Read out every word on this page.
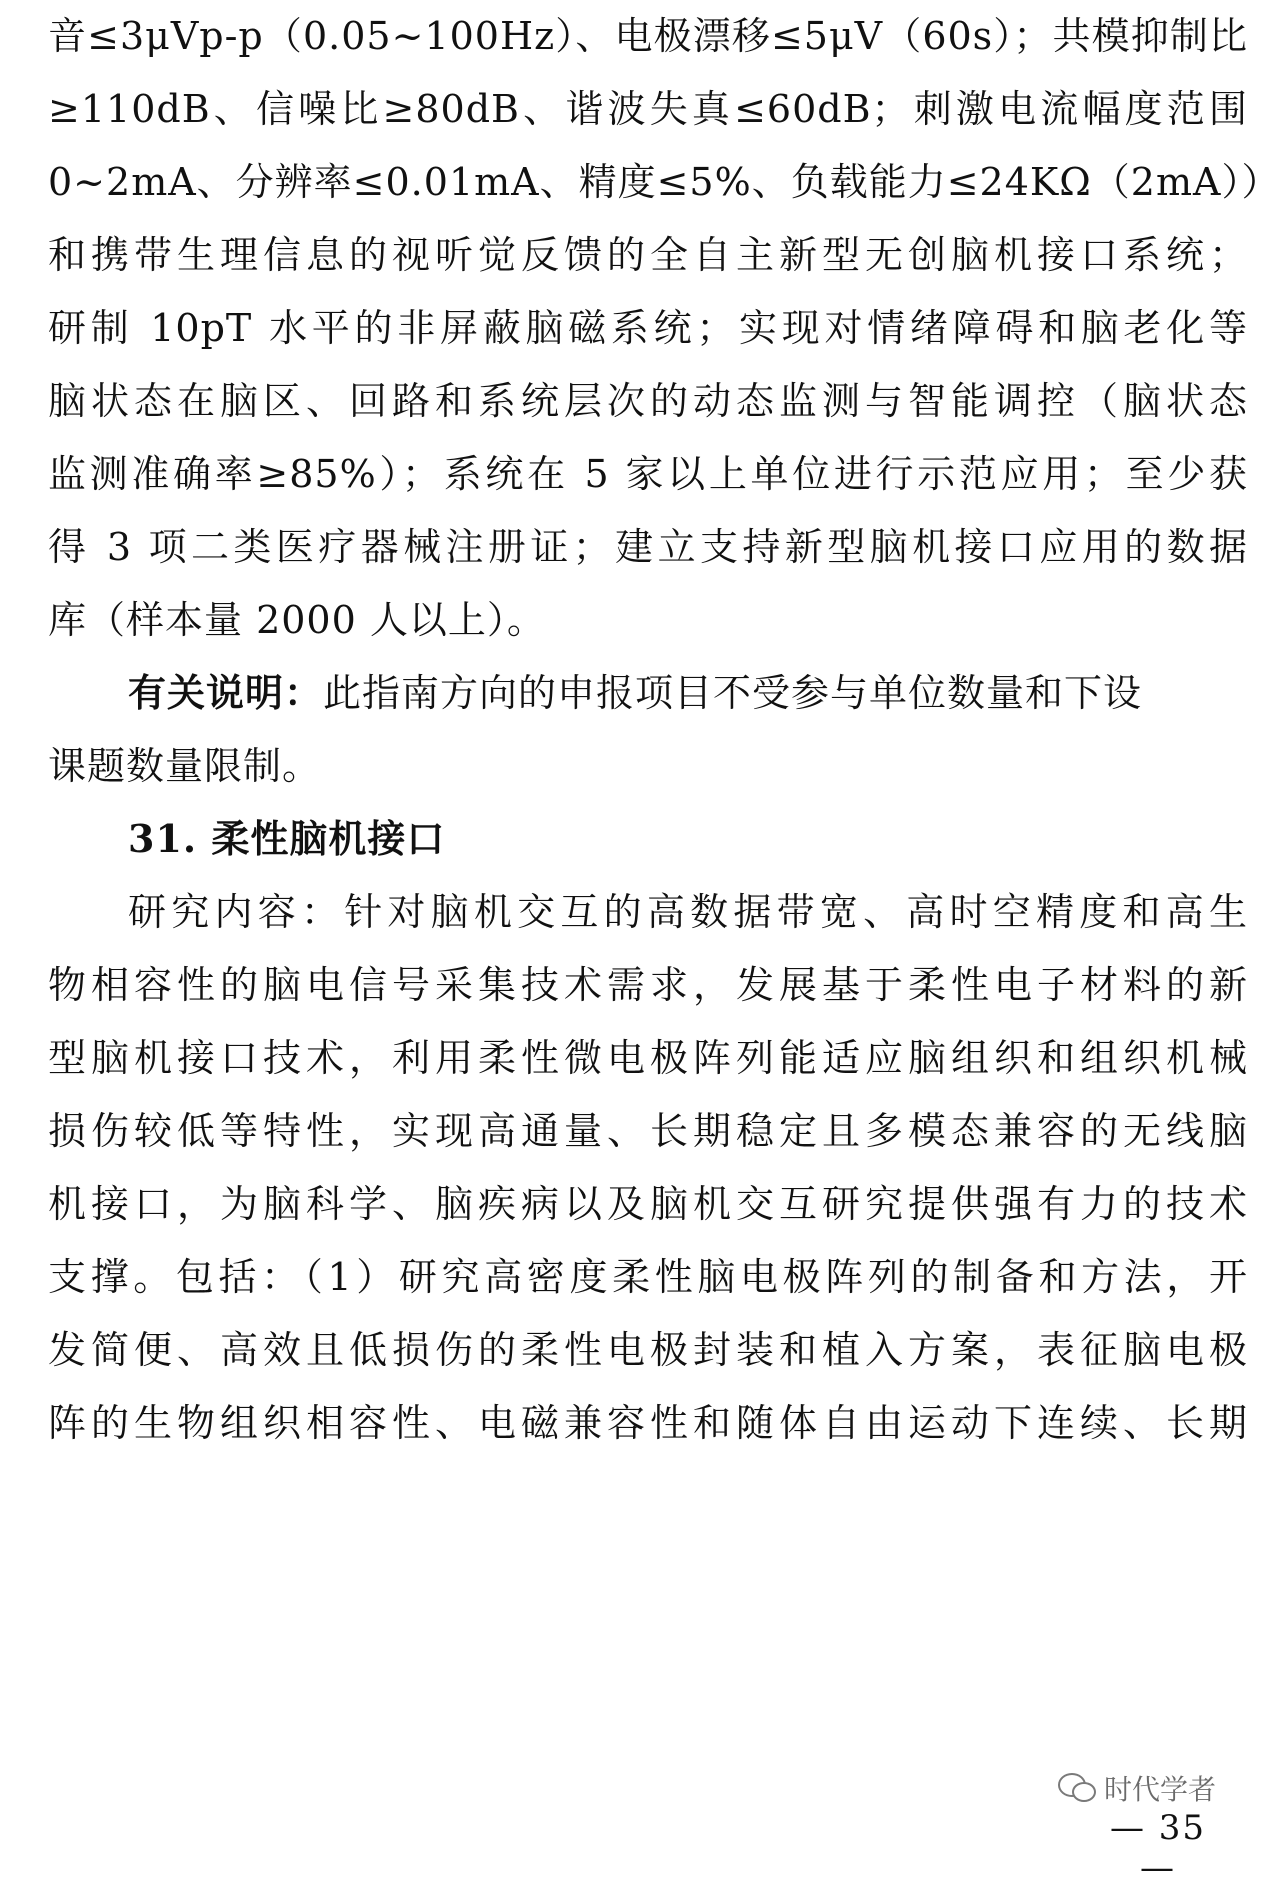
音≤3μVp-p（0.05~100Hz）、电极漂移≤5μV（60s）；共模抑制比
≥110dB、信噪比≥80dB、谐波失真≤60dB；刺激电流幅度范围
0~2mA、分辨率≤0.01mA、精度≤5%、负载能力≤24KΩ（2mA））
和携带生理信息的视听觉反馈的全自主新型无创脑机接口系统；
研制 10pT 水平的非屏蔽脑磁系统；实现对情绪障碍和脑老化等
脑状态在脑区、回路和系统层次的动态监测与智能调控（脑状态
监测准确率≥85%）；系统在 5 家以上单位进行示范应用；至少获
得 3 项二类医疗器械注册证；建立支持新型脑机接口应用的数据
库（样本量 2000 人以上）。
有关说明：此指南方向的申报项目不受参与单位数量和下设
课题数量限制。
31. 柔性脑机接口
研究内容：针对脑机交互的高数据带宽、高时空精度和高生
物相容性的脑电信号采集技术需求，发展基于柔性电子材料的新
型脑机接口技术，利用柔性微电极阵列能适应脑组织和组织机械
损伤较低等特性，实现高通量、长期稳定且多模态兼容的无线脑
机接口，为脑科学、脑疾病以及脑机交互研究提供强有力的技术
支撑。包括：（1）研究高密度柔性脑电极阵列的制备和方法，开
发简便、高效且低损伤的柔性电极封装和植入方案，表征脑电极
阵的生物组织相容性、电磁兼容性和随体自由运动下连续、长期
时代学者
— 35 —
